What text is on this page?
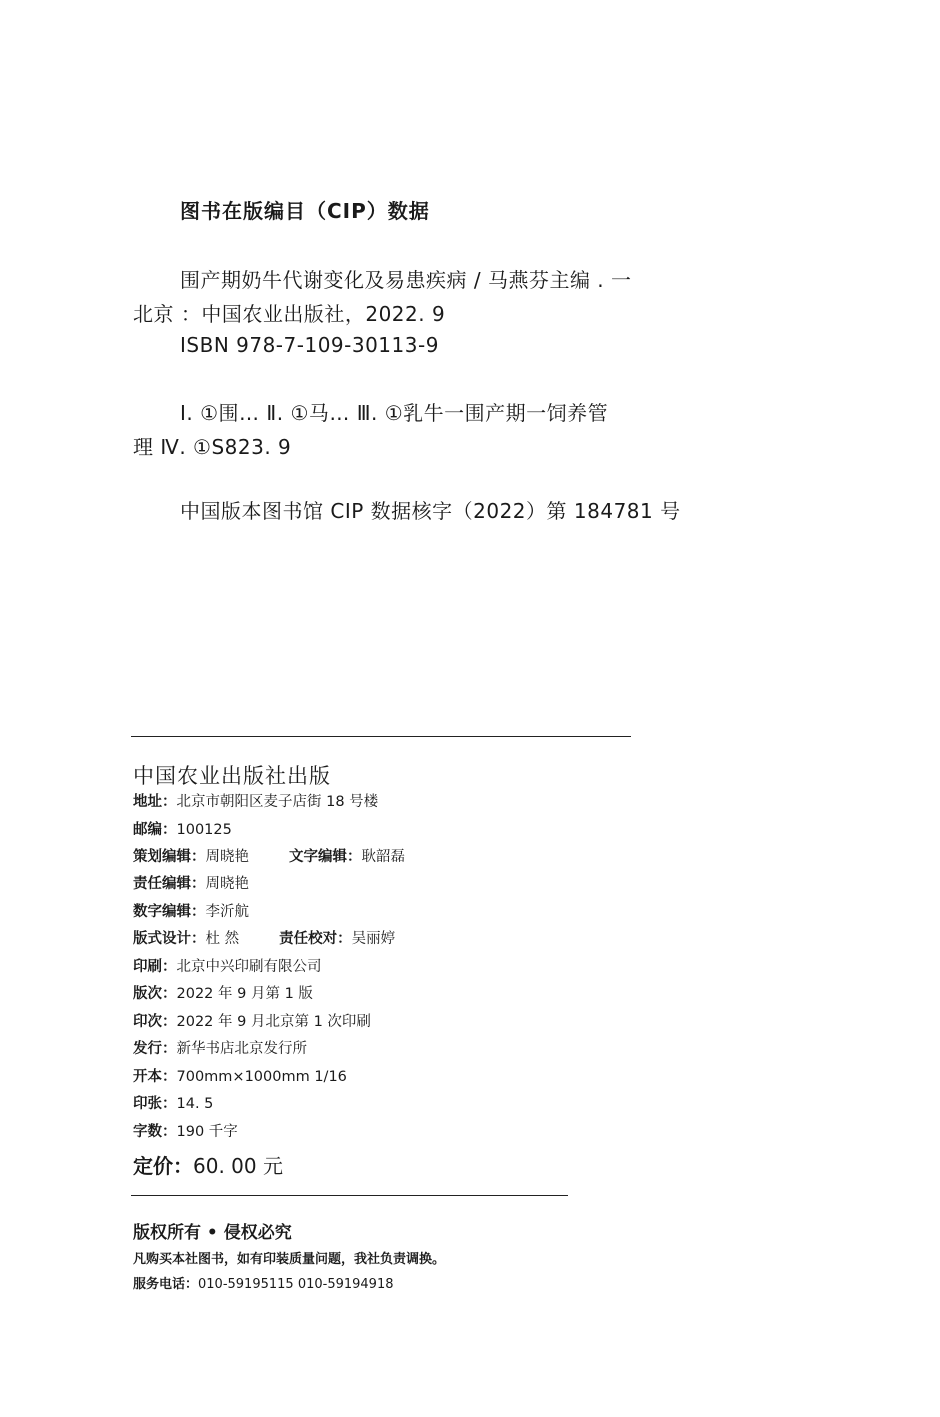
图书在版编目（CIP）数据
围产期奶牛代谢变化及易患疾病 / 马燕芬主编 . 一
北京 ：中国农业出版社，2022. 9
ISBN 978-7-109-30113-9
Ⅰ. ①围… Ⅱ. ①马… Ⅲ. ①乳牛一围产期一饲养管
理 Ⅳ. ①S823. 9
中国版本图书馆 CIP 数据核字（2022）第 184781 号
中国农业出版社出版
地址：北京市朝阳区麦子店街 18 号楼
邮编：100125
策划编辑：周晓艳	文字编辑：耿韶磊
责任编辑：周晓艳
数字编辑：李沂航
版式设计：杜 然	责任校对：吴丽婷
印刷：北京中兴印刷有限公司
版次：2022 年 9 月第 1 版
印次：2022 年 9 月北京第 1 次印刷
发行：新华书店北京发行所
开本：700mm×1000mm 1/16
印张：14. 5
字数：190 千字
定价：60. 00 元
版权所有 • 侵权必究
凡购买本社图书，如有印装质量问题，我社负责调换。
服务电话：010-59195115 010-59194918
